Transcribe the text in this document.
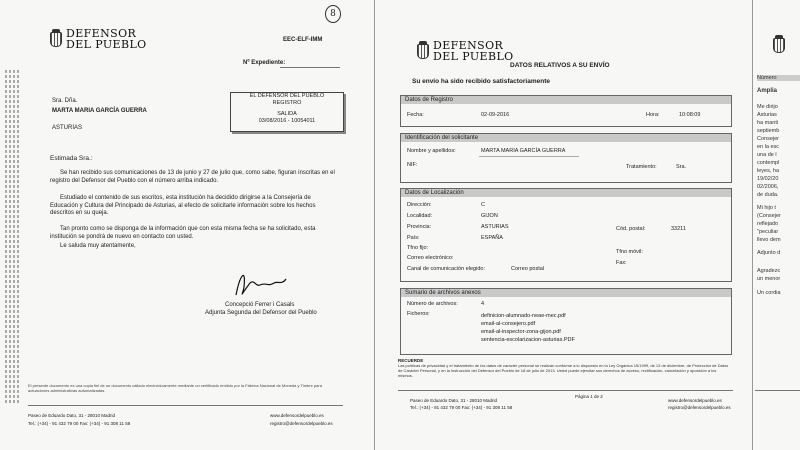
DEFENSOR
DEL PUEBLO
8
EEC-ELF-IMM
Nº Expediente:
EL DEFENSOR DEL PUEBLO
REGISTRO
SALIDA
03/08/2016 - 10054011
Sra. Dña.
MARTA MARIA GARCÍA GUERRA
ASTURIAS
Estimada Sra.:
Se han recibido sus comunicaciones de 13 de junio y 27 de julio que, como sabe, figuran inscritas en el registro del Defensor del Pueblo con el número arriba indicado.
Estudiado el contenido de sus escritos, esta institución ha decidido dirigirse a la Consejería de Educación y Cultura del Principado de Asturias, al efecto de solicitarle información sobre los hechos descritos en su queja.
Tan pronto como se disponga de la información que con esta misma fecha se ha solicitado, esta institución se pondrá de nuevo en contacto con usted.
Le saluda muy atentamente,
Concepció Ferrer i Casals
Adjunta Segunda del Defensor del Pueblo
El presente documento es una copia fiel de un documento callado electrónicamente mediante un certificado emitido por la Fábrica Nacional de Moneda y Timbre para actuaciones administrativas automatizadas.
Paseo de Eduardo Dato, 31 - 28010 Madrid
Tel.: (+34) - 91 432 79 00 Fax: (+34) - 91 308 11 58
www.defensordelpueblo.es
registro@defensordelpueblo.es
DEFENSOR
DEL PUEBLO
DATOS RELATIVOS A SU ENVÍO
Su envío ha sido recibido satisfactoriamente
Datos de Registro
Fecha:	02-09-2016	Hora:	10:08:09
Identificación del solicitante
Nombre y apellidos:	MARTA MARIA GARCÍA GUERRA
NIF:	Tratamiento:	Sra.
Datos de Localización
Dirección:	C
Localidad:	GIJON
Provincia:	ASTURIAS	Cód. postal:	33211
País:	ESPAÑA
Tfno fijo:
Tfno móvil:
Correo electrónico:
Fax:
Canal de comunicación elegido:	Correo postal
Sumario de archivos anexos
Número de archivos:	4
Ficheros:	definicion-alumnado-neae-mec.pdf
email-al-consejero.pdf
email-al-inspector-zona-gijon.pdf
sentencia-escolarizacion-asturias.PDF
RECUERDE
Las políticas de privacidad y el tratamiento de los datos de carácter personal se realizan conforme a lo dispuesto en la Ley Orgánica 15/1999, de 13 de diciembre, de Protección de Datos de Carácter Personal, y en la Instrucción del Defensor del Pueblo de 18 de julio de 2013. Usted puede ejercitar sus derechos de acceso, rectificación, cancelación y oposición a los mismos.
Paseo de Eduardo Dato, 31 - 28010 Madrid
Tel.: (+34) - 91 432 79 00 Fax: (+34) - 91 308 11 58
Página 1 de 2
www.defensordelpueblo.es
registro@defensordelpueblo.es
Número
Amplia
Me dirijo
Asturias
ha manti
septiemb
Consejer
en la esc
una de l
contempl
leyes, ha
19/02/20
02/2006,
de duda.
Mi hijo t
(Consejer
reflejado
"peculiar
llevo dem
Adjunto d
Agradezc
un menor
Un cordia
